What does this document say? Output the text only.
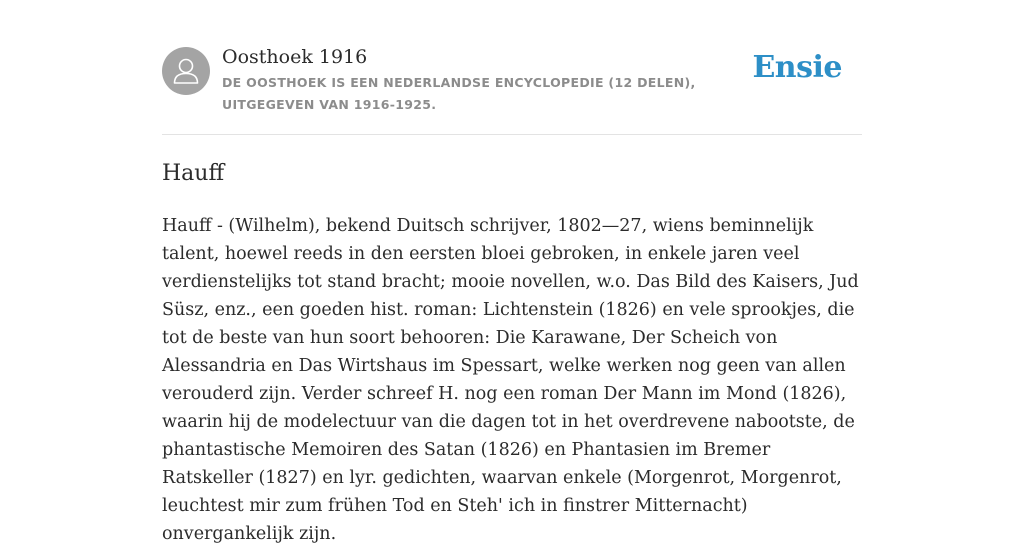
Oosthoek 1916
DE OOSTHOEK IS EEN NEDERLANDSE ENCYCLOPEDIE (12 DELEN), UITGEGEVEN VAN 1916-1925.
Ensie
Hauff

Hauff - (Wilhelm), bekend Duitsch schrijver, 1802—27, wiens beminnelijk talent, hoewel reeds in den eersten bloei gebroken, in enkele jaren veel verdienstelijks tot stand bracht; mooie novellen, w.o. Das Bild des Kaisers, Jud Süsz, enz., een goeden hist. roman: Lichtenstein (1826) en vele sprookjes, die tot de beste van hun soort behooren: Die Karawane, Der Scheich von Alessandria en Das Wirtshaus im Spessart, welke werken nog geen van allen verouderd zijn. Verder schreef H. nog een roman Der Mann im Mond (1826), waarin hij de modelectuur van die dagen tot in het overdrevene nabootste, de phantastische Memoiren des Satan (1826) en Phantasien im Bremer Ratskeller (1827) en lyr. gedichten, waarvan enkele (Morgenrot, Morgenrot, leuchtest mir zum frühen Tod en Steh' ich in finstrer Mitternacht) onvergankelijk zijn.
